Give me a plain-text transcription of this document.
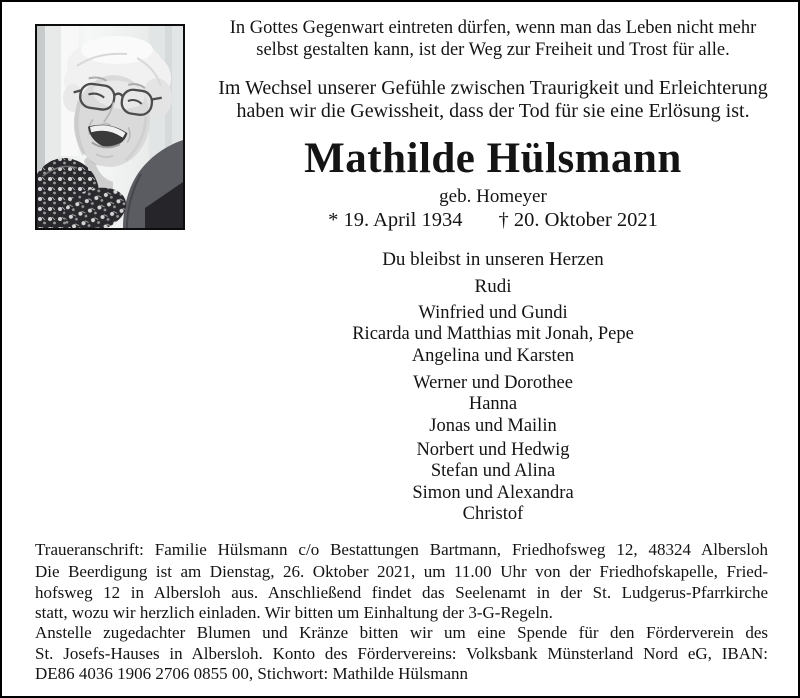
In Gottes Gegenwart eintreten dürfen, wenn man das Leben nicht mehr
selbst gestalten kann, ist der Weg zur Freiheit und Trost für alle.
Im Wechsel unserer Gefühle zwischen Traurigkeit und Erleichterung
haben wir die Gewissheit, dass der Tod für sie eine Erlösung ist.
Mathilde Hülsmann
geb. Homeyer
* 19. April 1934 † 20. Oktober 2021
Du bleibst in unseren Herzen
Rudi
Winfried und Gundi
Ricarda und Matthias mit Jonah, Pepe
Angelina und Karsten
Werner und Dorothee
Hanna
Jonas und Mailin
Norbert und Hedwig
Stefan und Alina
Simon und Alexandra
Christof
Traueranschrift: Familie Hülsmann c/o Bestattungen Bartmann, Friedhofsweg 12, 48324 Albersloh
Die Beerdigung ist am Dienstag, 26. Oktober 2021, um 11.00 Uhr von der Friedhofskapelle, Fried-
hofsweg 12 in Albersloh aus. Anschließend findet das Seelenamt in der St. Ludgerus-Pfarrkirche
statt, wozu wir herzlich einladen. Wir bitten um Einhaltung der 3-G-Regeln.
Anstelle zugedachter Blumen und Kränze bitten wir um eine Spende für den Förderverein des
St. Josefs-Hauses in Albersloh. Konto des Fördervereins: Volksbank Münsterland Nord eG, IBAN:
DE86 4036 1906 2706 0855 00, Stichwort: Mathilde Hülsmann
